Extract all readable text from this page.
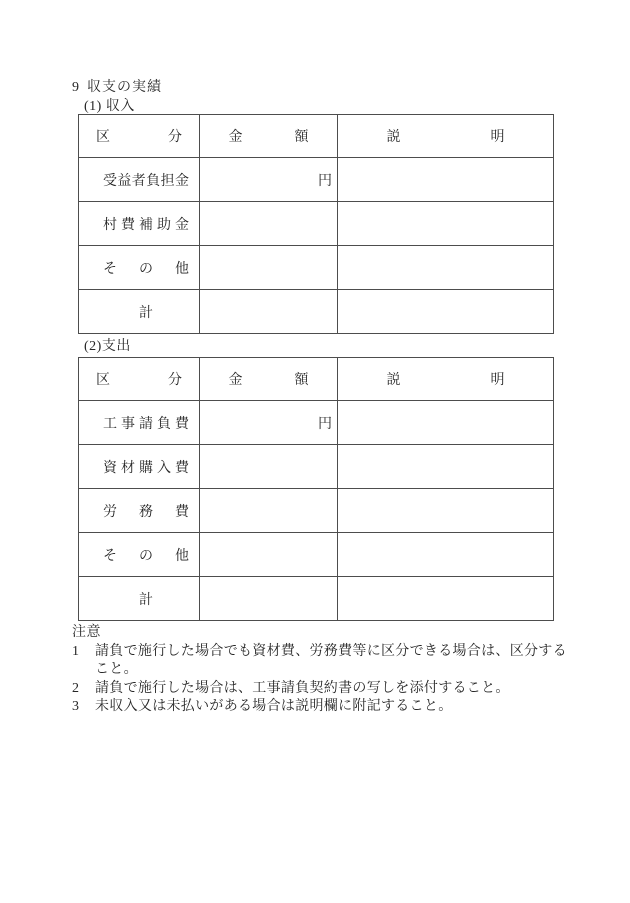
9 収支の実績
(1) 収入
区 分	金 額	説 明
受益者負担金	円	
村 費 補 助 金		
そ の 他		
計		
(2)支出
区 分	金 額	説 明
工 事 請 負 費	円	
資 材 購 入 費		
労 務 費		
そ の 他		
計		
注意
1	請負で施行した場合でも資材費、労務費等に区分できる場合は、区分すること。
2	請負で施行した場合は、工事請負契約書の写しを添付すること。
3	未収入又は未払いがある場合は説明欄に附記すること。
